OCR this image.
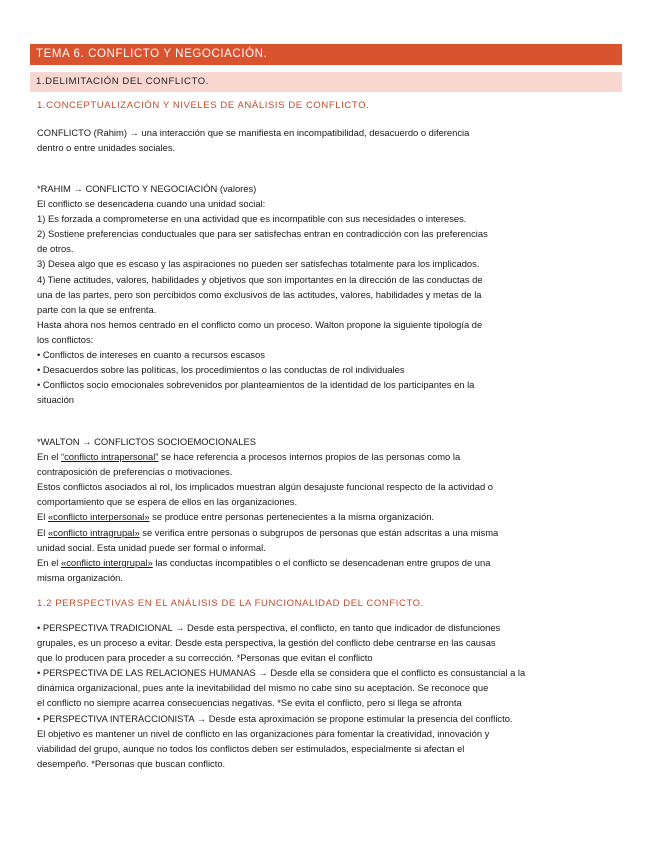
TEMA 6. CONFLICTO Y NEGOCIACIÓN.
1.DELIMITACIÓN DEL CONFLICTO.
1.CONCEPTUALIZACIÓN Y NIVELES DE ANÁLISIS DE CONFLICTO.
CONFLICTO (Rahim) → una interacción que se manifiesta en incompatibilidad, desacuerdo o diferencia
dentro o entre unidades sociales.
*RAHIM → CONFLICTO Y NEGOCIACIÓN (valores)
El conflicto se desencadena cuando una unidad social:
1) Es forzada a comprometerse en una actividad que es incompatible con sus necesidades o intereses.
2) Sostiene preferencias conductuales que para ser satisfechas entran en contradicción con las preferencias
de otros.
3) Desea algo que es escaso y las aspiraciones no pueden ser satisfechas totalmente para los implicados.
4) Tiene actitudes, valores, habilidades y objetivos que son importantes en la dirección de las conductas de
una de las partes, pero son percibidos como exclusivos de las actitudes, valores, habilidades y metas de la
parte con la que se enfrenta.
Hasta ahora nos hemos centrado en el conflicto como un proceso. Walton propone la siguiente tipología de
los conflictos:
• Conflictos de intereses en cuanto a recursos escasos
• Desacuerdos sobre las políticas, los procedimientos o las conductas de rol individuales
• Conflictos socio emocionales sobrevenidos por planteamientos de la identidad de los participantes en la
situación
*WALTON → CONFLICTOS SOCIOEMOCIONALES
En el “conflicto intrapersonal” se hace referencia a procesos internos propios de las personas como la
contraposición de preferencias o motivaciones.
Estos conflictos asociados al rol, los implicados muestran algún desajuste funcional respecto de la actividad o
comportamiento que se espera de ellos en las organizaciones.
El «conflicto interpersonal» se produce entre personas pertenecientes a la misma organización.
El «conflicto intragrupal» se verifica entre personas o subgrupos de personas que están adscritas a una misma
unidad social. Esta unidad puede ser formal o informal.
En el «conflicto intergrupal» las conductas incompatibles o el conflicto se desencadenan entre grupos de una
misma organización.
1.2 PERSPECTIVAS EN EL ANÁLISIS DE LA FUNCIONALIDAD DEL CONFICTO.
• PERSPECTIVA TRADICIONAL → Desde esta perspectiva, el conflicto, en tanto que indicador de disfunciones
grupales, es un proceso a evitar. Desde esta perspectiva, la gestión del conflicto debe centrarse en las causas
que lo producen para proceder a su corrección. *Personas que evitan el conflicto
• PERSPECTIVA DE LAS RELACIONES HUMANAS → Desde ella se considera que el conflicto es consustancial a la
dinámica organizacional, pues ante la inevitabilidad del mismo no cabe sino su aceptación. Se reconoce que
el conflicto no siempre acarrea consecuencias negativas. *Se evita el conflicto, pero si llega se afronta
• PERSPECTIVA INTERACCIONISTA → Desde esta aproximación se propone estimular la presencia del conflicto.
El objetivo es mantener un nivel de conflicto en las organizaciones para fomentar la creatividad, innovación y
viabilidad del grupo, aunque no todos los conflictos deben ser estimulados, especialmente si afectan el
desempeño. *Personas que buscan conflicto.
